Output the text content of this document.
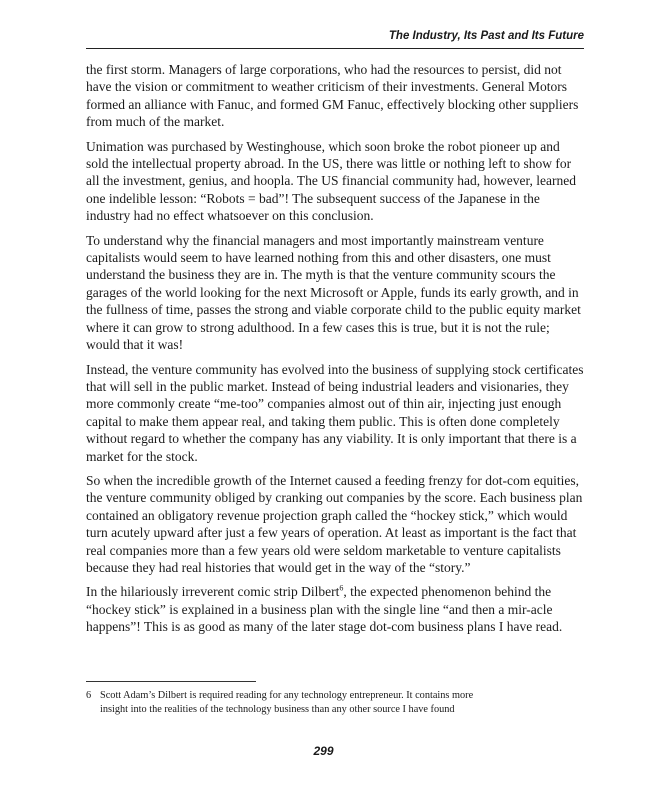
The Industry, Its Past and Its Future

the first storm. Managers of large corporations, who had the resources to persist, did not have the vision or commitment to weather criticism of their investments. General Motors formed an alliance with Fanuc, and formed GM Fanuc, effectively blocking other suppliers from much of the market.

Unimation was purchased by Westinghouse, which soon broke the robot pioneer up and sold the intellectual property abroad. In the US, there was little or nothing left to show for all the investment, genius, and hoopla. The US financial community had, however, learned one indelible lesson: “Robots = bad”! The subsequent success of the Japanese in the industry had no effect whatsoever on this conclusion.

To understand why the financial managers and most importantly mainstream venture capitalists would seem to have learned nothing from this and other disasters, one must understand the business they are in. The myth is that the venture community scours the garages of the world looking for the next Microsoft or Apple, funds its early growth, and in the fullness of time, passes the strong and viable corporate child to the public equity market where it can grow to strong adulthood. In a few cases this is true, but it is not the rule; would that it was!

Instead, the venture community has evolved into the business of supplying stock certificates that will sell in the public market. Instead of being industrial leaders and visionaries, they more commonly create “me-too” companies almost out of thin air, injecting just enough capital to make them appear real, and taking them public. This is often done completely without regard to whether the company has any viability. It is only important that there is a market for the stock.

So when the incredible growth of the Internet caused a feeding frenzy for dot-com equities, the venture community obliged by cranking out companies by the score. Each business plan contained an obligatory revenue projection graph called the “hockey stick,” which would turn acutely upward after just a few years of operation. At least as important is the fact that real companies more than a few years old were seldom marketable to venture capitalists because they had real histories that would get in the way of the “story.”

In the hilariously irreverent comic strip Dilbert$^6$, the expected phenomenon behind the “hockey stick” is explained in a business plan with the single line “and then a mir-acle happens”! This is as good as many of the later stage dot-com business plans I have read.

6 Scott Adam’s Dilbert is required reading for any technology entrepreneur. It contains more
insight into the realities of the technology business than any other source I have found
299
